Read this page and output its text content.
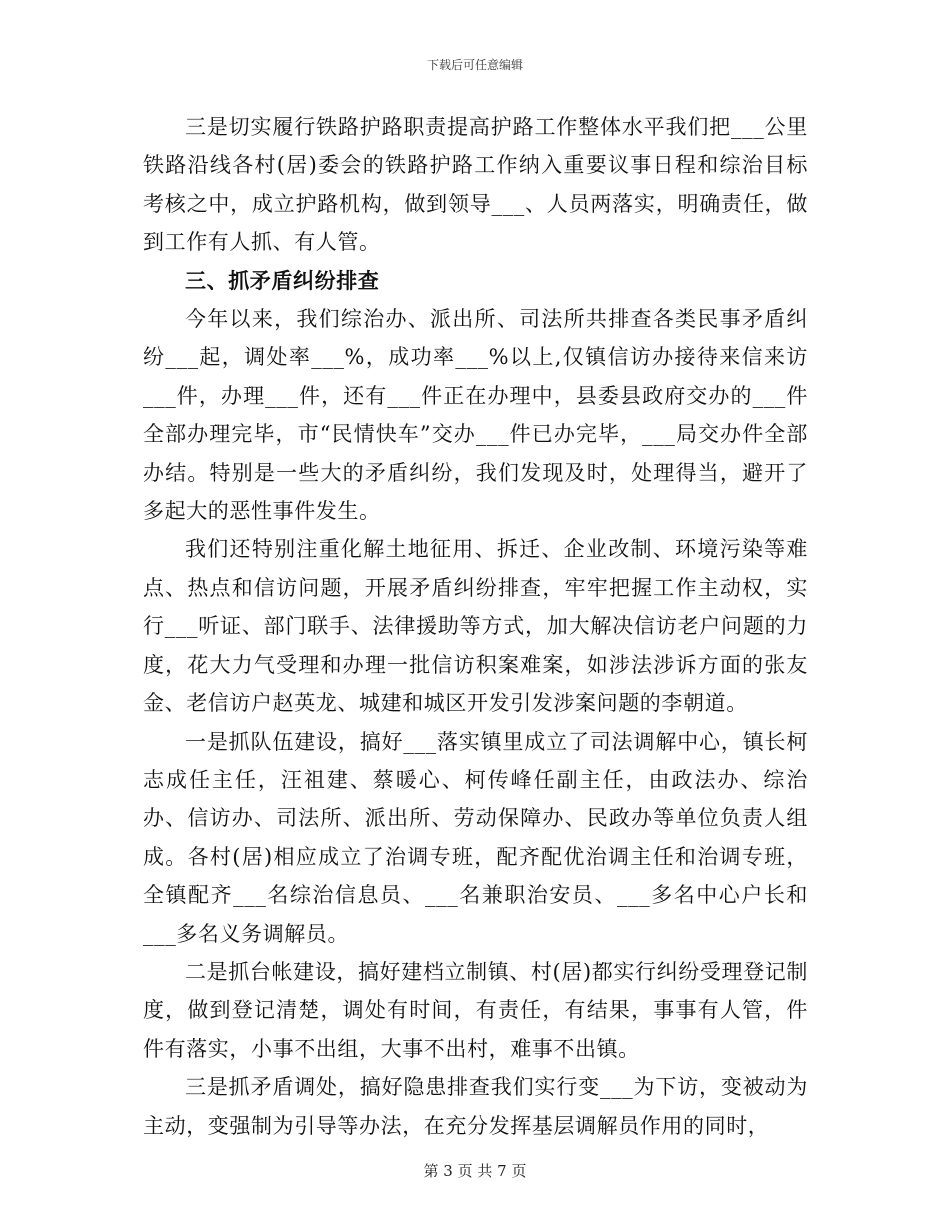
下载后可任意编辑

三是切实履行铁路护路职责提高护路工作整体水平我们把___公里铁路沿线各村(居)委会的铁路护路工作纳入重要议事日程和综治目标考核之中，成立护路机构，做到领导___、人员两落实，明确责任，做到工作有人抓、有人管。

三、抓矛盾纠纷排查

今年以来，我们综治办、派出所、司法所共排查各类民事矛盾纠纷___起，调处率___%，成功率___%以上,仅镇信访办接待来信来访___件，办理___件，还有___件正在办理中，县委县政府交办的___件全部办理完毕，市“民情快车”交办___件已办完毕，___局交办件全部办结。特别是一些大的矛盾纠纷，我们发现及时，处理得当，避开了多起大的恶性事件发生。

我们还特别注重化解土地征用、拆迁、企业改制、环境污染等难点、热点和信访问题，开展矛盾纠纷排查，牢牢把握工作主动权，实行___听证、部门联手、法律援助等方式，加大解决信访老户问题的力度，花大力气受理和办理一批信访积案难案，如涉法涉诉方面的张友金、老信访户赵英龙、城建和城区开发引发涉案问题的李朝道。

一是抓队伍建设，搞好___落实镇里成立了司法调解中心，镇长柯志成任主任，汪祖建、蔡暖心、柯传峰任副主任，由政法办、综治办、信访办、司法所、派出所、劳动保障办、民政办等单位负责人组成。各村(居)相应成立了治调专班，配齐配优治调主任和治调专班，全镇配齐___名综治信息员、___名兼职治安员、___多名中心户长和___多名义务调解员。

二是抓台帐建设，搞好建档立制镇、村(居)都实行纠纷受理登记制度，做到登记清楚，调处有时间，有责任，有结果，事事有人管，件件有落实，小事不出组，大事不出村，难事不出镇。

三是抓矛盾调处，搞好隐患排查我们实行变___为下访，变被动为主动，变强制为引导等办法，在充分发挥基层调解员作用的同时，

第 3 页 共 7 页
